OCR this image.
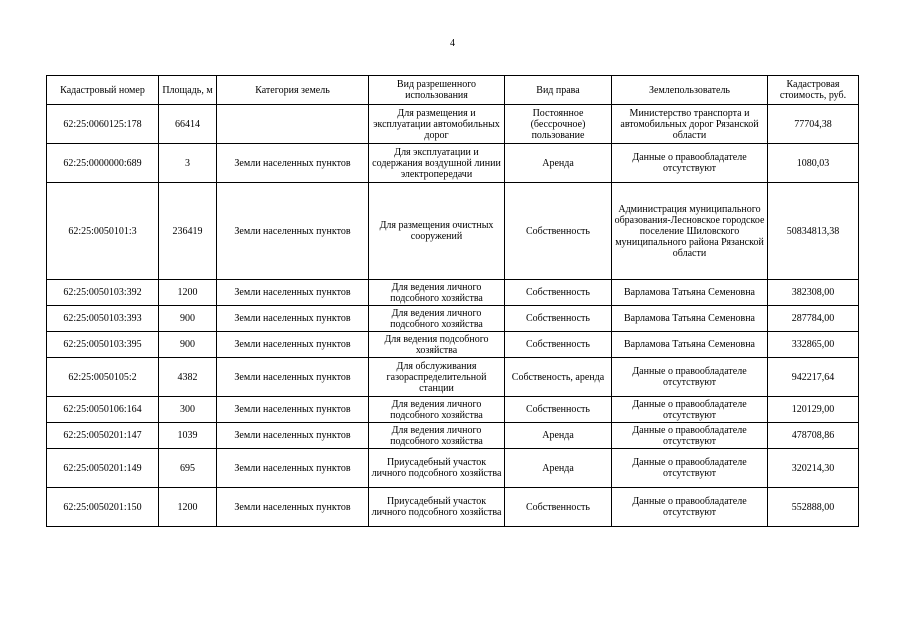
4
Кадастровый номер	Площадь, м	Категория земель	Вид разрешенного использования	Вид права	Землепользователь	Кадастровая стоимость, руб.
62:25:0060125:178	66414		Для размещения и эксплуатации автомобильных дорог	Постоянное (бессрочное) пользование	Министерство транспорта и автомобильных дорог Рязанской области	77704,38
62:25:0000000:689	3	Земли населенных пунктов	Для эксплуатации и содержания воздушной линии электропередачи	Аренда	Данные о правообладателе отсутствуют	1080,03
62:25:0050101:3	236419	Земли населенных пунктов	Для размещения очистных сооружений	Собственность	Администрация муниципального образования-Лесновское городское поселение Шиловского муниципального района Рязанской области	50834813,38
62:25:0050103:392	1200	Земли населенных пунктов	Для ведения личного подсобного хозяйства	Собственность	Варламова Татьяна Семеновна	382308,00
62:25:0050103:393	900	Земли населенных пунктов	Для ведения личного подсобного хозяйства	Собственность	Варламова Татьяна Семеновна	287784,00
62:25:0050103:395	900	Земли населенных пунктов	Для ведения подсобного хозяйства	Собственность	Варламова Татьяна Семеновна	332865,00
62:25:0050105:2	4382	Земли населенных пунктов	Для обслуживания газораспределительной станции	Собственость, аренда	Данные о правообладателе отсутствуют	942217,64
62:25:0050106:164	300	Земли населенных пунктов	Для ведения личного подсобного хозяйства	Собственность	Данные о правообладателе отсутствуют	120129,00
62:25:0050201:147	1039	Земли населенных пунктов	Для ведения личного подсобного хозяйства	Аренда	Данные о правообладателе отсутствуют	478708,86
62:25:0050201:149	695	Земли населенных пунктов	Приусадебный участок личного подсобного хозяйства	Аренда	Данные о правообладателе отсутствуют	320214,30
62:25:0050201:150	1200	Земли населенных пунктов	Приусадебный участок личного подсобного хозяйства	Собственность	Данные о правообладателе отсутствуют	552888,00
